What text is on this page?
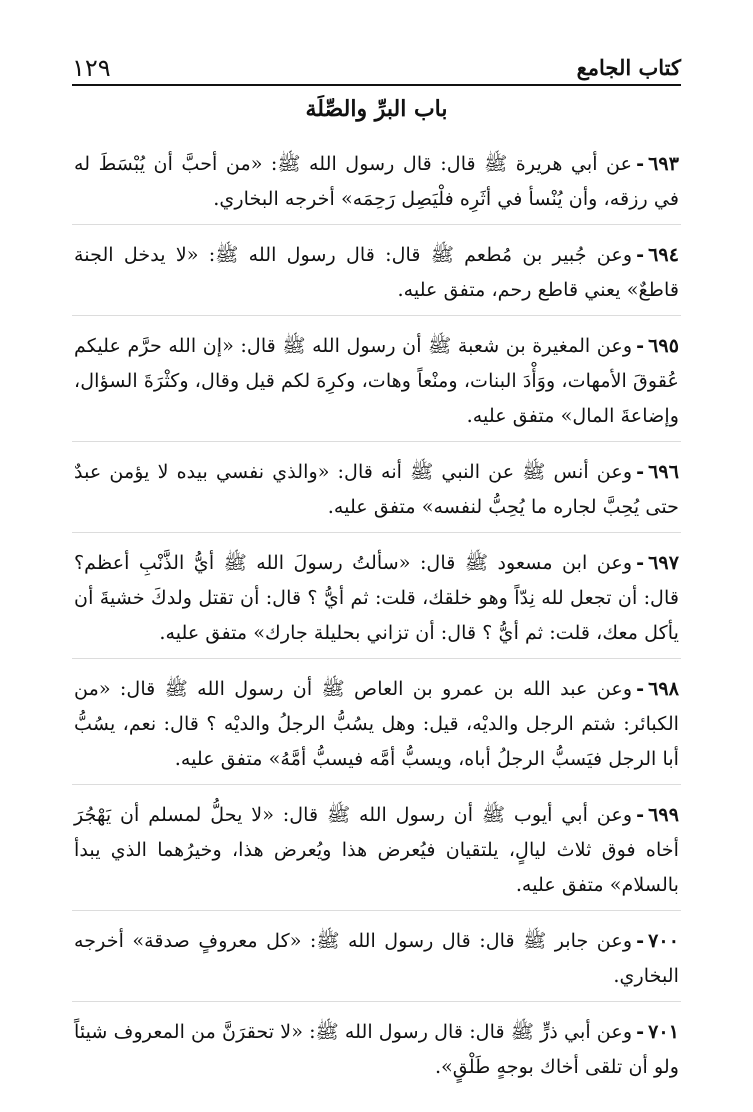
كتاب الجامع
١٢٩
باب البرِّ والصِّلَة
٦٩٣-عن أبي هريرة ﷺ قال: قال رسول الله ﷺ: «من أحبَّ أن يُبْسَطَ له في رزقه، وأن يُنْسأ في أثَرِه فلْيَصِل رَحِمَه» أخرجه البخاري.
٦٩٤-وعن جُبير بن مُطعم ﷺ قال: قال رسول الله ﷺ: «لا يدخل الجنة قاطعٌ» يعني قاطع رحم، متفق عليه.
٦٩٥-وعن المغيرة بن شعبة ﷺ أن رسول الله ﷺ قال: «إن الله حرَّم عليكم عُقوقَ الأمهات، ووَأْدَ البنات، ومنْعاً وهات، وكرِهَ لكم قيل وقال، وكثْرَةَ السؤال، وإضاعةَ المال» متفق عليه.
٦٩٦-وعن أنس ﷺ عن النبي ﷺ أنه قال: «والذي نفسي بيده لا يؤمن عبدٌ حتى يُحِبَّ لجاره ما يُحِبُّ لنفسه» متفق عليه.
٦٩٧-وعن ابن مسعود ﷺ قال: «سألتُ رسولَ الله ﷺ أيُّ الذَّنْبِ أعظم؟ قال: أن تجعل لله نِدّاً وهو خلقك، قلت: ثم أيُّ ؟ قال: أن تقتل ولدكَ خشيةَ أن يأكل معك، قلت: ثم أيُّ ؟ قال: أن تزاني بحليلة جارك» متفق عليه.
٦٩٨-وعن عبد الله بن عمرو بن العاص ﷺ أن رسول الله ﷺ قال: «من الكبائر: شتم الرجل والديْه، قيل: وهل يسُبُّ الرجلُ والديْه ؟ قال: نعم، يسُبُّ أبا الرجل فيَسبُّ الرجلُ أباه، ويسبُّ أمَّه فيسبُّ أمَّهُ» متفق عليه.
٦٩٩-وعن أبي أيوب ﷺ أن رسول الله ﷺ قال: «لا يحلُّ لمسلم أن يَهْجُرَ أخاه فوق ثلاث ليالٍ، يلتقيان فيُعرض هذا ويُعرض هذا، وخيرُهما الذي يبدأ بالسلام» متفق عليه.
٧٠٠-وعن جابر ﷺ قال: قال رسول الله ﷺ: «كل معروفٍ صدقة» أخرجه البخاري.
٧٠١-وعن أبي ذرٍّ ﷺ قال: قال رسول الله ﷺ: «لا تحقرَنَّ من المعروف شيئاً ولو أن تلقى أخاك بوجهٍ طَلْقٍ».
